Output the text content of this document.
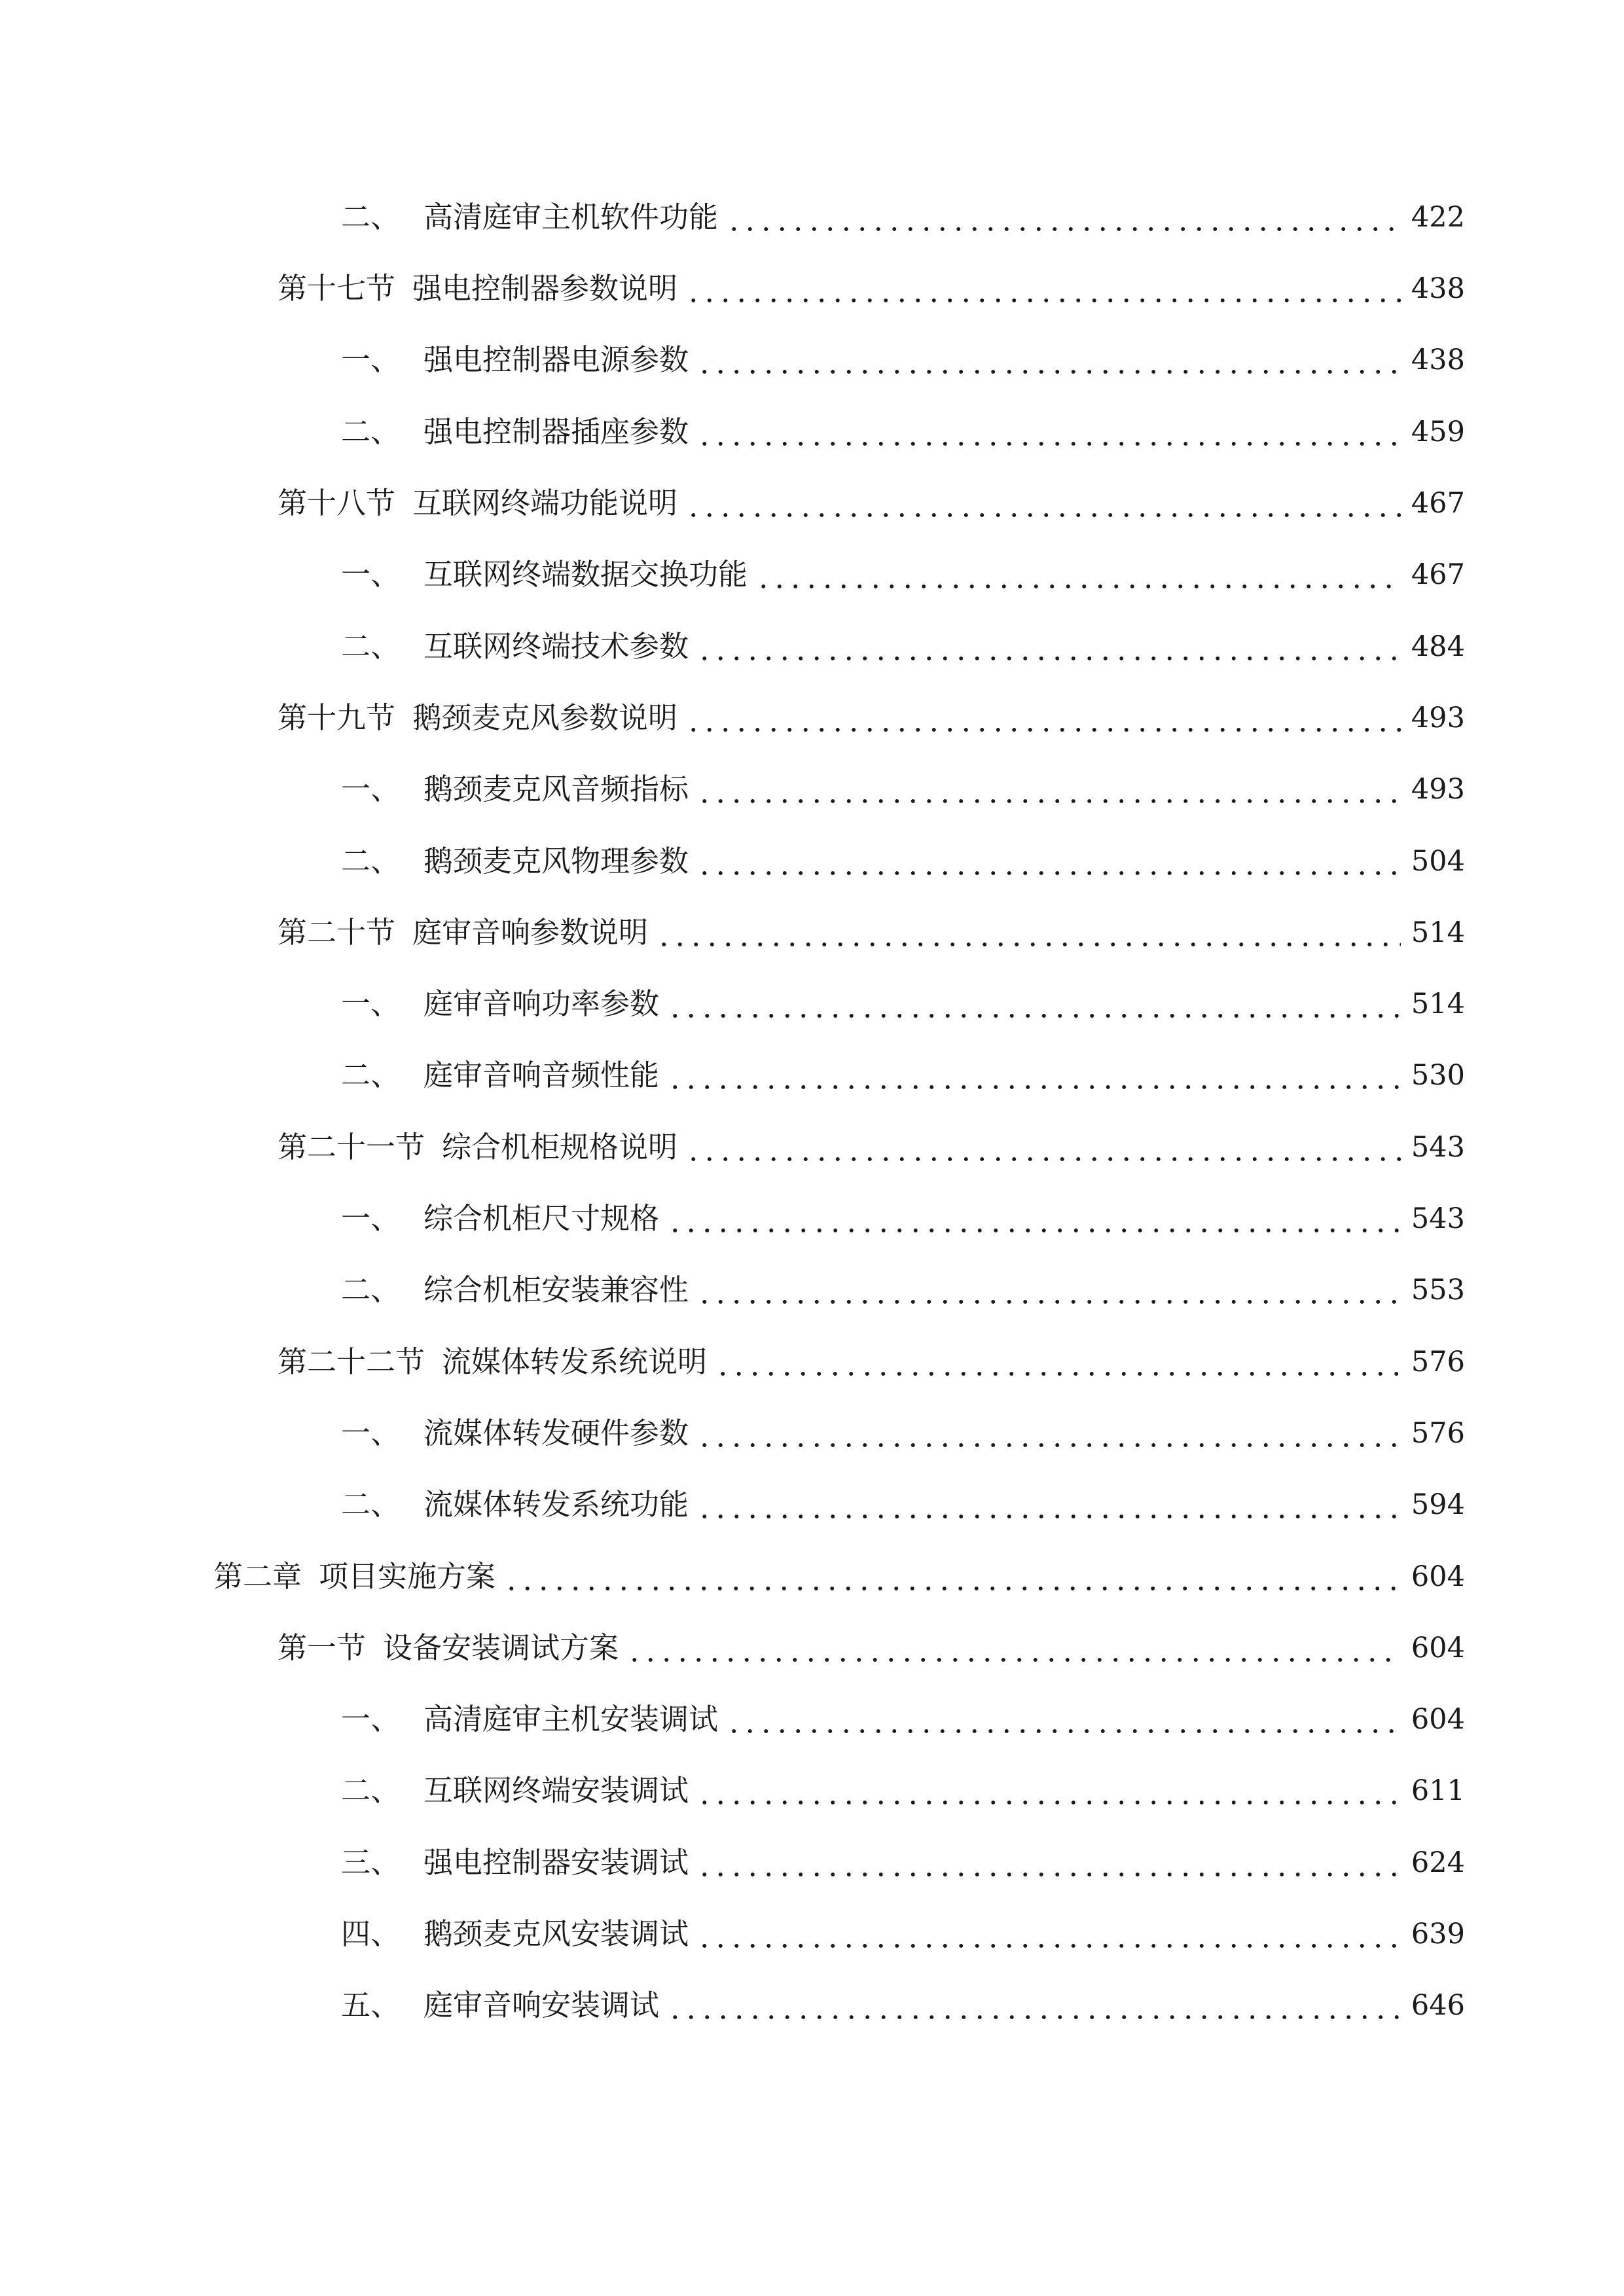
二、 高清庭审主机软件功能	422
第十七节 强电控制器参数说明	438
一、 强电控制器电源参数	438
二、 强电控制器插座参数	459
第十八节 互联网终端功能说明	467
一、 互联网终端数据交换功能	467
二、 互联网终端技术参数	484
第十九节 鹅颈麦克风参数说明	493
一、 鹅颈麦克风音频指标	493
二、 鹅颈麦克风物理参数	504
第二十节 庭审音响参数说明	514
一、 庭审音响功率参数	514
二、 庭审音响音频性能	530
第二十一节 综合机柜规格说明	543
一、 综合机柜尺寸规格	543
二、 综合机柜安装兼容性	553
第二十二节 流媒体转发系统说明	576
一、 流媒体转发硬件参数	576
二、 流媒体转发系统功能	594
第二章 项目实施方案	604
第一节 设备安装调试方案	604
一、 高清庭审主机安装调试	604
二、 互联网终端安装调试	611
三、 强电控制器安装调试	624
四、 鹅颈麦克风安装调试	639
五、 庭审音响安装调试	646
